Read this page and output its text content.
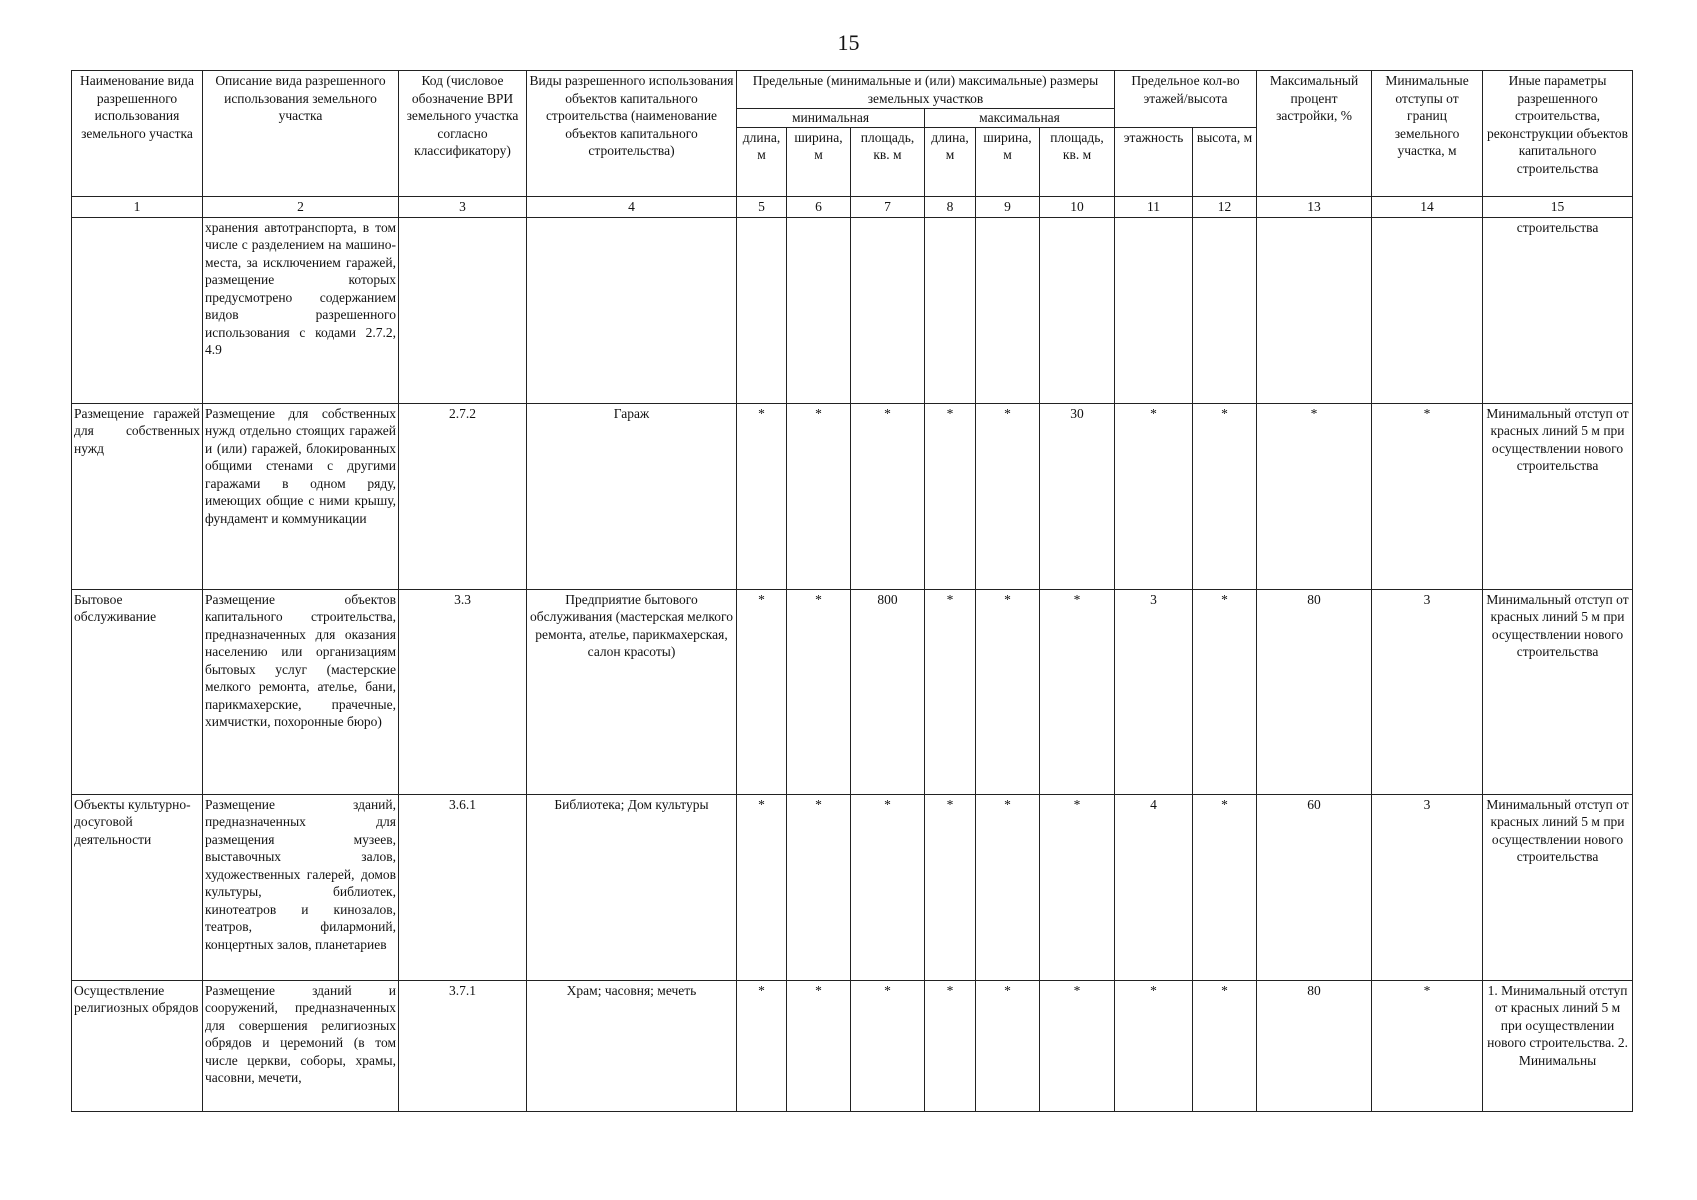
15
Наименование вида разрешенного использования земельного участка	Описание вида разрешенного использования земельного участка	Код (числовое обозначение ВРИ земельного участка согласно классификатору)	Виды разрешенного использования объектов капитального строительства (наименование объектов капитального строительства)	Предельные (минимальные и (или) максимальные) размеры земельных участков						Предельное кол-во этажей/высота		Максимальный процент застройки, %	Минимальные отступы от границ земельного участка, м	Иные параметры разрешенного строительства, реконструкции объектов капитального строительства
				минимальная			максимальная							
				длина, м	ширина, м	площадь, кв. м	длина, м	ширина, м	площадь, кв. м	этажность	высота, м			
1	2	3	4	5	6	7	8	9	10	11	12	13	14	15
	хранения автотранспорта, в том числе с разделением на машино-места, за исключением гаражей, размещение которых предусмотрено содержанием видов разрешенного использования с кодами 2.7.2, 4.9													строительства
Размещение гаражей для собственных нужд	Размещение для собственных нужд отдельно стоящих гаражей и (или) гаражей, блокированных общими стенами с другими гаражами в одном ряду, имеющих общие с ними крышу, фундамент и коммуникации	2.7.2	Гараж	*	*	*	*	*	30	*	*	*	*	Минимальный отступ от красных линий 5 м при осуществлении нового строительства
Бытовое обслуживание	Размещение объектов капитального строительства, предназначенных для оказания населению или организациям бытовых услуг (мастерские мелкого ремонта, ателье, бани, парикмахерские, прачечные, химчистки, похоронные бюро)	3.3	Предприятие бытового обслуживания (мастерская мелкого ремонта, ателье, парикмахерская, салон красоты)	*	*	800	*	*	*	3	*	80	3	Минимальный отступ от красных линий 5 м при осуществлении нового строительства
Объекты культурно-досуговой деятельности	Размещение зданий, предназначенных для размещения музеев, выставочных залов, художественных галерей, домов культуры, библиотек, кинотеатров и кинозалов, театров, филармоний, концертных залов, планетариев	3.6.1	Библиотека; Дом культуры	*	*	*	*	*	*	4	*	60	3	Минимальный отступ от красных линий 5 м при осуществлении нового строительства
Осуществление религиозных обрядов	Размещение зданий и сооружений, предназначенных для совершения религиозных обрядов и церемоний (в том числе церкви, соборы, храмы, часовни, мечети,	3.7.1	Храм; часовня; мечеть	*	*	*	*	*	*	*	*	80	*	1. Минимальный отступ от красных линий 5 м при осуществлении нового строительства. 2. Минимальны
